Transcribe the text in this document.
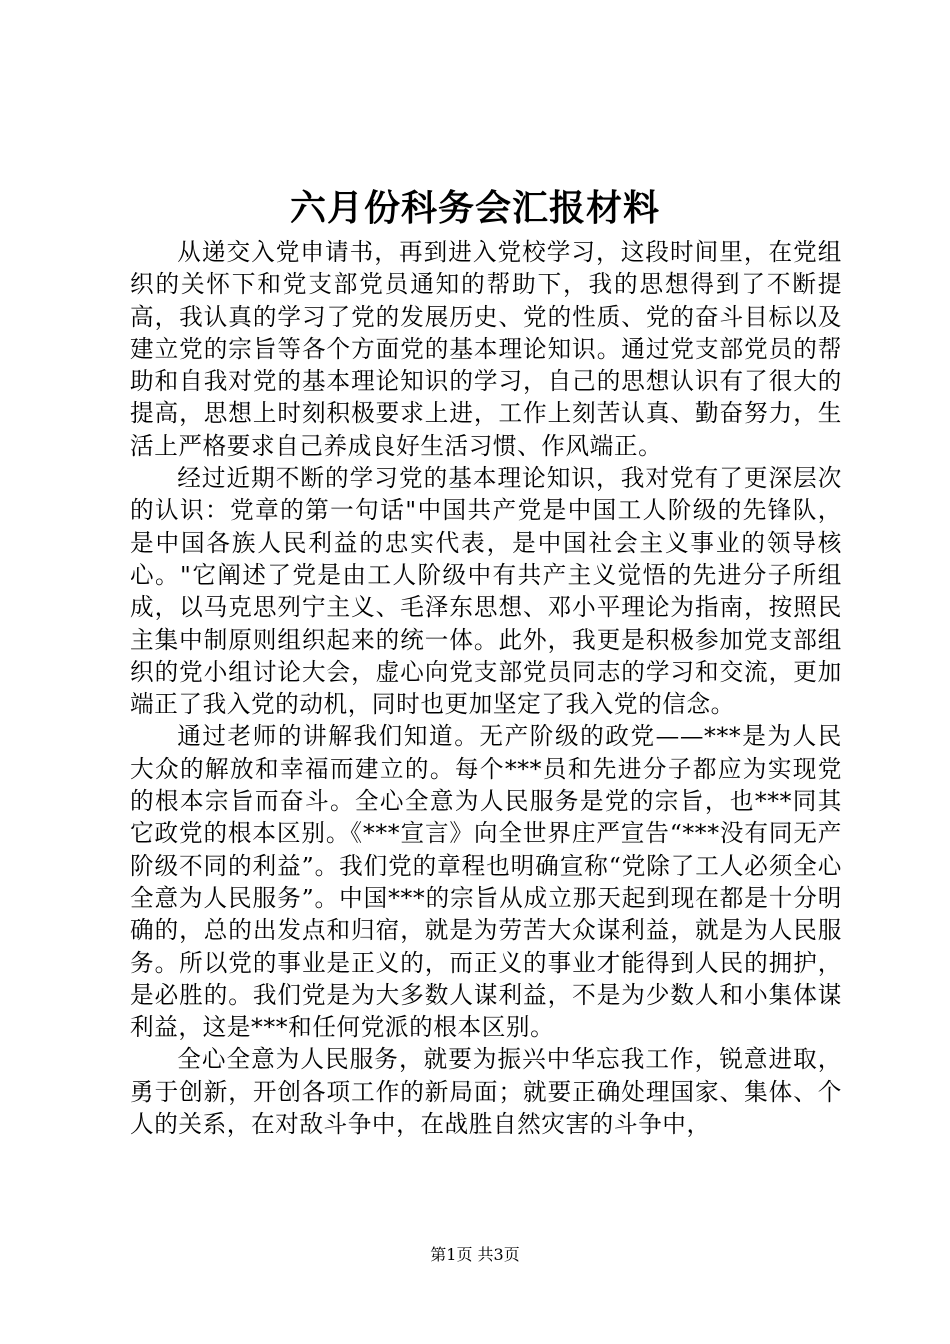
六月份科务会汇报材料

从递交入党申请书，再到进入党校学习，这段时间里，在党组织的关怀下和党支部党员通知的帮助下，我的思想得到了不断提高，我认真的学习了党的发展历史、党的性质、党的奋斗目标以及建立党的宗旨等各个方面党的基本理论知识。通过党支部党员的帮助和自我对党的基本理论知识的学习，自己的思想认识有了很大的提高，思想上时刻积极要求上进，工作上刻苦认真、勤奋努力，生活上严格要求自己养成良好生活习惯、作风端正。

经过近期不断的学习党的基本理论知识，我对党有了更深层次的认识：党章的第一句话"中国共产党是中国工人阶级的先锋队，是中国各族人民利益的忠实代表，是中国社会主义事业的领导核心。"它阐述了党是由工人阶级中有共产主义觉悟的先进分子所组成，以马克思列宁主义、毛泽东思想、邓小平理论为指南，按照民主集中制原则组织起来的统一体。此外，我更是积极参加党支部组织的党小组讨论大会，虚心向党支部党员同志的学习和交流，更加端正了我入党的动机，同时也更加坚定了我入党的信念。

通过老师的讲解我们知道。无产阶级的政党——***是为人民大众的解放和幸福而建立的。每个***员和先进分子都应为实现党的根本宗旨而奋斗。全心全意为人民服务是党的宗旨，也***同其它政党的根本区别。《***宣言》向全世界庄严宣告“***没有同无产阶级不同的利益”。我们党的章程也明确宣称“党除了工人必须全心全意为人民服务”。中国***的宗旨从成立那天起到现在都是十分明确的，总的出发点和归宿，就是为劳苦大众谋利益，就是为人民服务。所以党的事业是正义的，而正义的事业才能得到人民的拥护，是必胜的。我们党是为大多数人谋利益，不是为少数人和小集体谋利益，这是***和任何党派的根本区别。

全心全意为人民服务，就要为振兴中华忘我工作，锐意进取，勇于创新，开创各项工作的新局面；就要正确处理国家、集体、个人的关系，在对敌斗争中，在战胜自然灾害的斗争中，

第1页 共3页
